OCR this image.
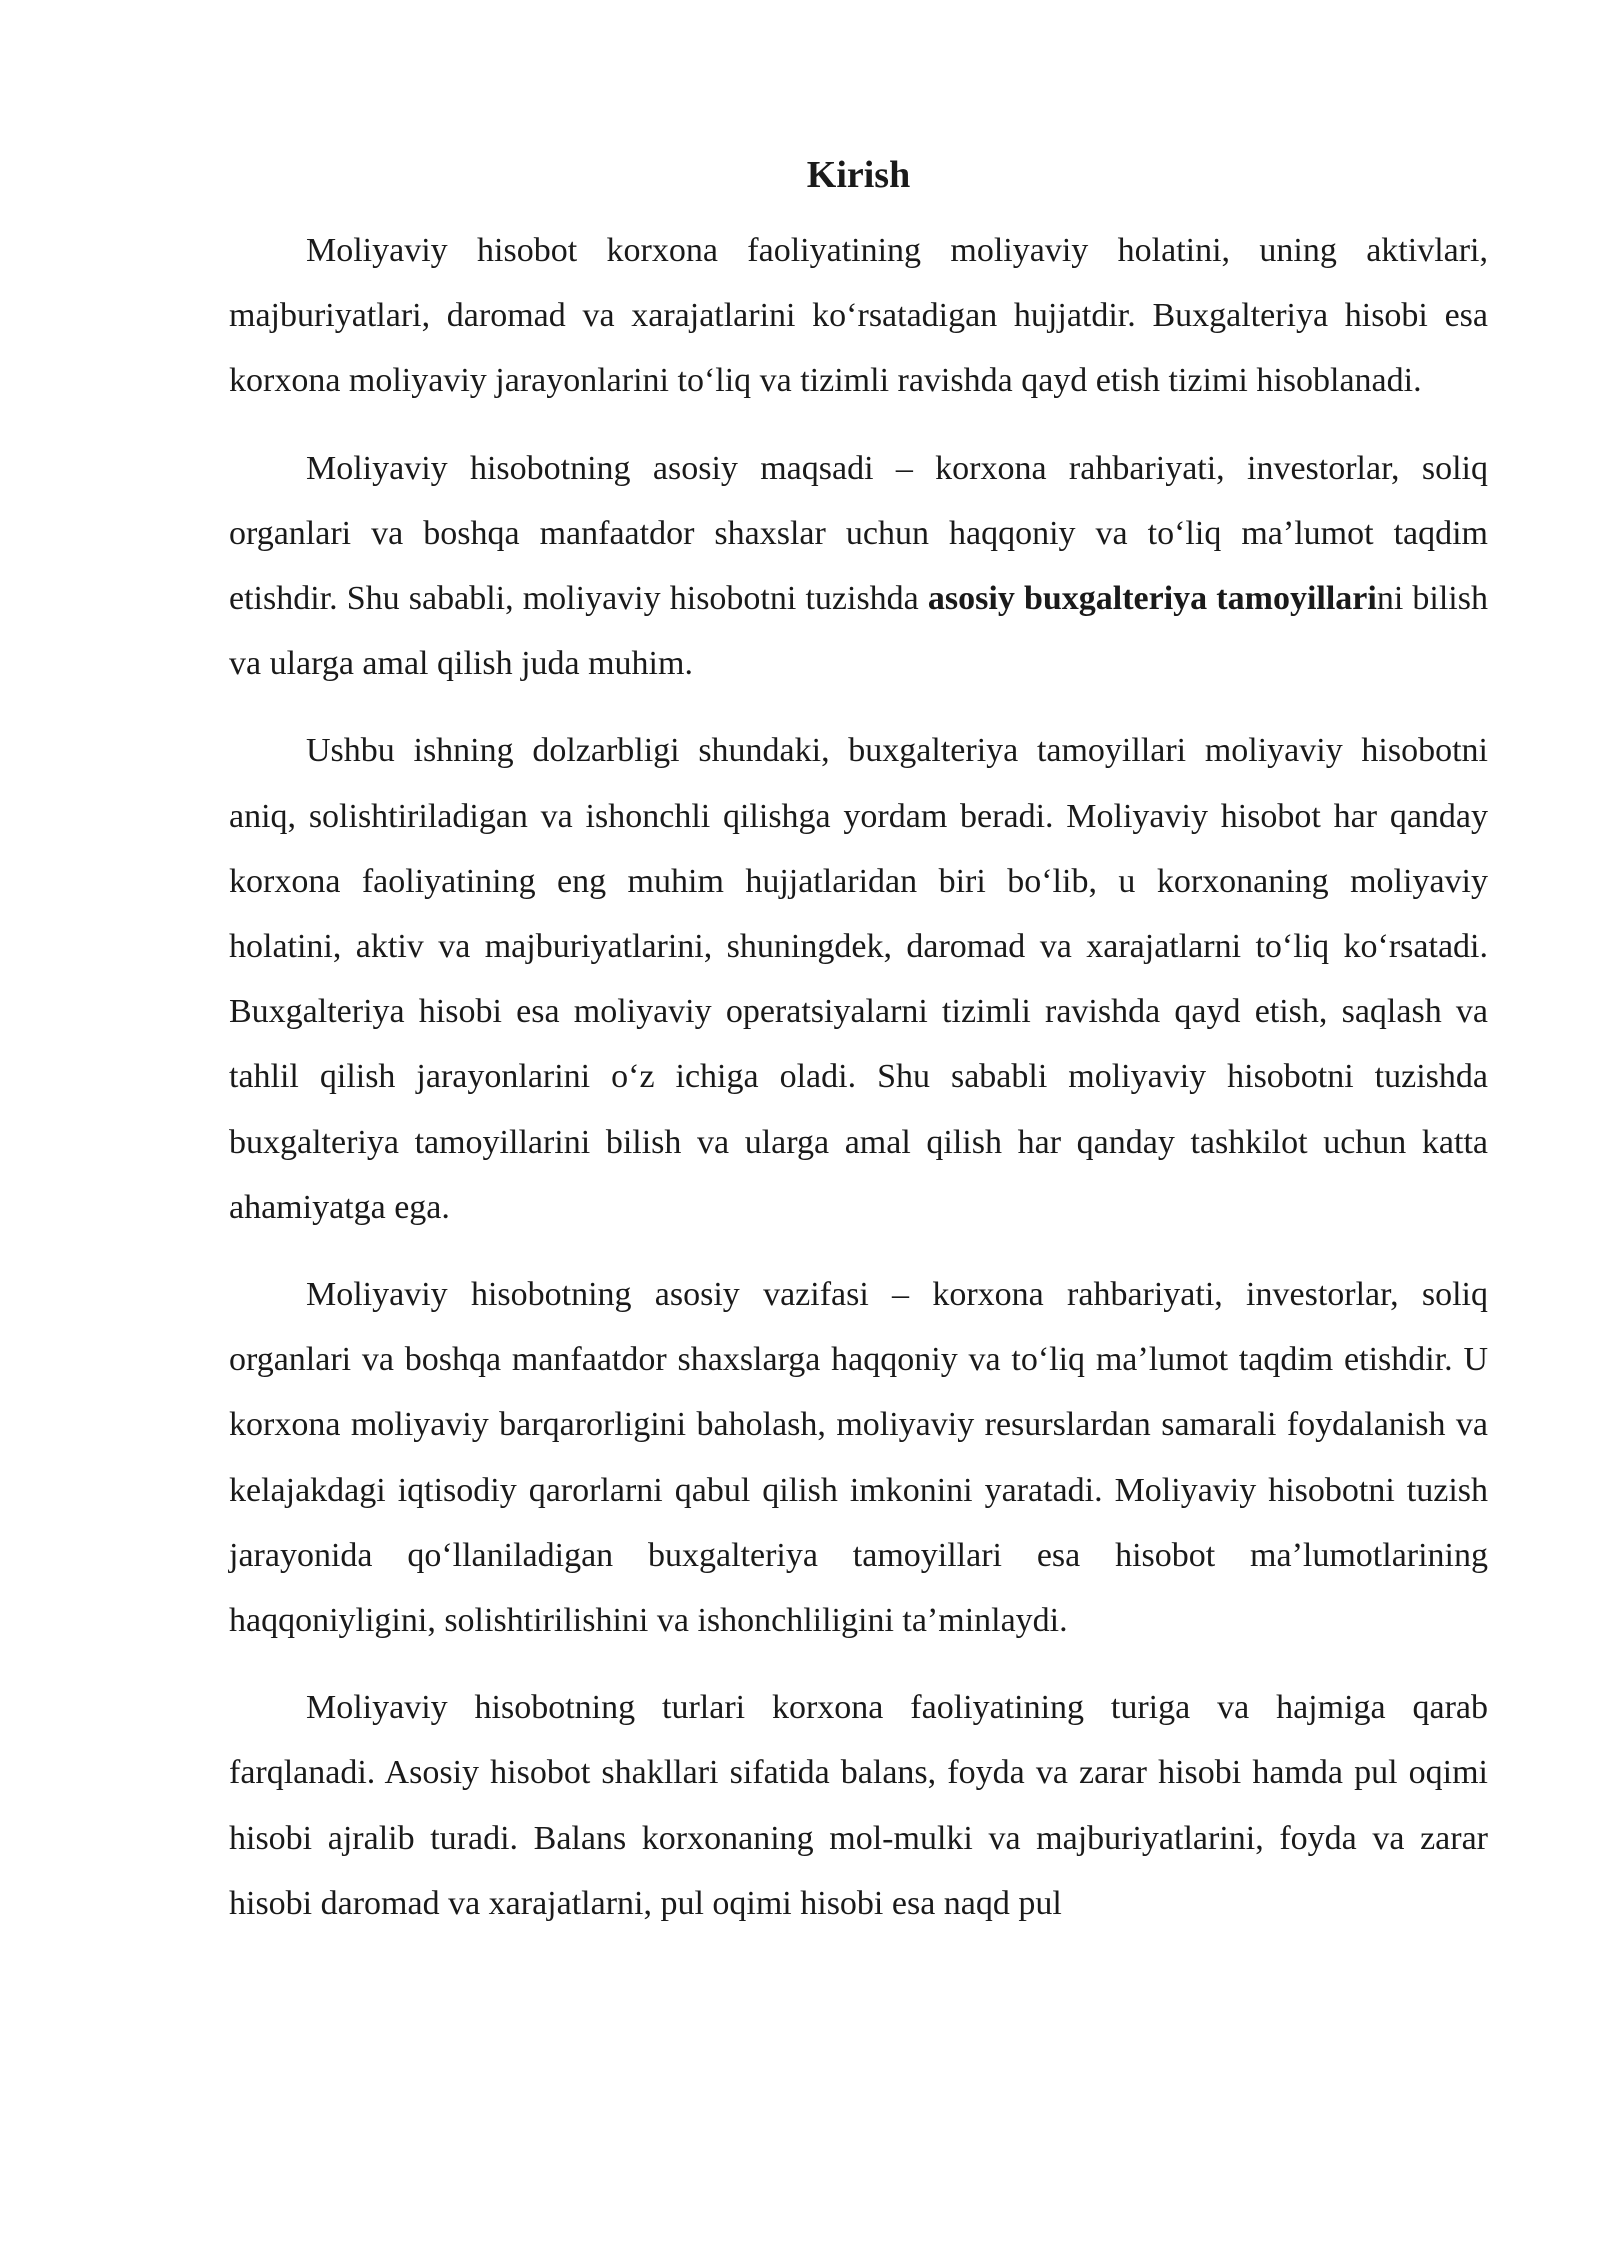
Kirish

Moliyaviy hisobot korxona faoliyatining moliyaviy holatini, uning aktivlari, majburiyatlari, daromad va xarajatlarini koʻrsatadigan hujjatdir. Buxgalteriya hisobi esa korxona moliyaviy jarayonlarini toʻliq va tizimli ravishda qayd etish tizimi hisoblanadi.

Moliyaviy hisobotning asosiy maqsadi – korxona rahbariyati, investorlar, soliq organlari va boshqa manfaatdor shaxslar uchun haqqoniy va toʻliq maʼlumot taqdim etishdir. Shu sababli, moliyaviy hisobotni tuzishda asosiy buxgalteriya tamoyillarini bilish va ularga amal qilish juda muhim.

Ushbu ishning dolzarbligi shundaki, buxgalteriya tamoyillari moliyaviy hisobotni aniq, solishtiriladigan va ishonchli qilishga yordam beradi. Moliyaviy hisobot har qanday korxona faoliyatining eng muhim hujjatlaridan biri boʻlib, u korxonaning moliyaviy holatini, aktiv va majburiyatlarini, shuningdek, daromad va xarajatlarni toʻliq koʻrsatadi. Buxgalteriya hisobi esa moliyaviy operatsiyalarni tizimli ravishda qayd etish, saqlash va tahlil qilish jarayonlarini oʻz ichiga oladi. Shu sababli moliyaviy hisobotni tuzishda buxgalteriya tamoyillarini bilish va ularga amal qilish har qanday tashkilot uchun katta ahamiyatga ega.

Moliyaviy hisobotning asosiy vazifasi – korxona rahbariyati, investorlar, soliq organlari va boshqa manfaatdor shaxslarga haqqoniy va toʻliq maʼlumot taqdim etishdir. U korxona moliyaviy barqarorligini baholash, moliyaviy resurslardan samarali foydalanish va kelajakdagi iqtisodiy qarorlarni qabul qilish imkonini yaratadi. Moliyaviy hisobotni tuzish jarayonida qoʻllaniladigan buxgalteriya tamoyillari esa hisobot maʼlumotlarining haqqoniyligini, solishtirilishini va ishonchliligini taʼminlaydi.

Moliyaviy hisobotning turlari korxona faoliyatining turiga va hajmiga qarab farqlanadi. Asosiy hisobot shakllari sifatida balans, foyda va zarar hisobi hamda pul oqimi hisobi ajralib turadi. Balans korxonaning mol-mulki va majburiyatlarini, foyda va zarar hisobi daromad va xarajatlarni, pul oqimi hisobi esa naqd pul
